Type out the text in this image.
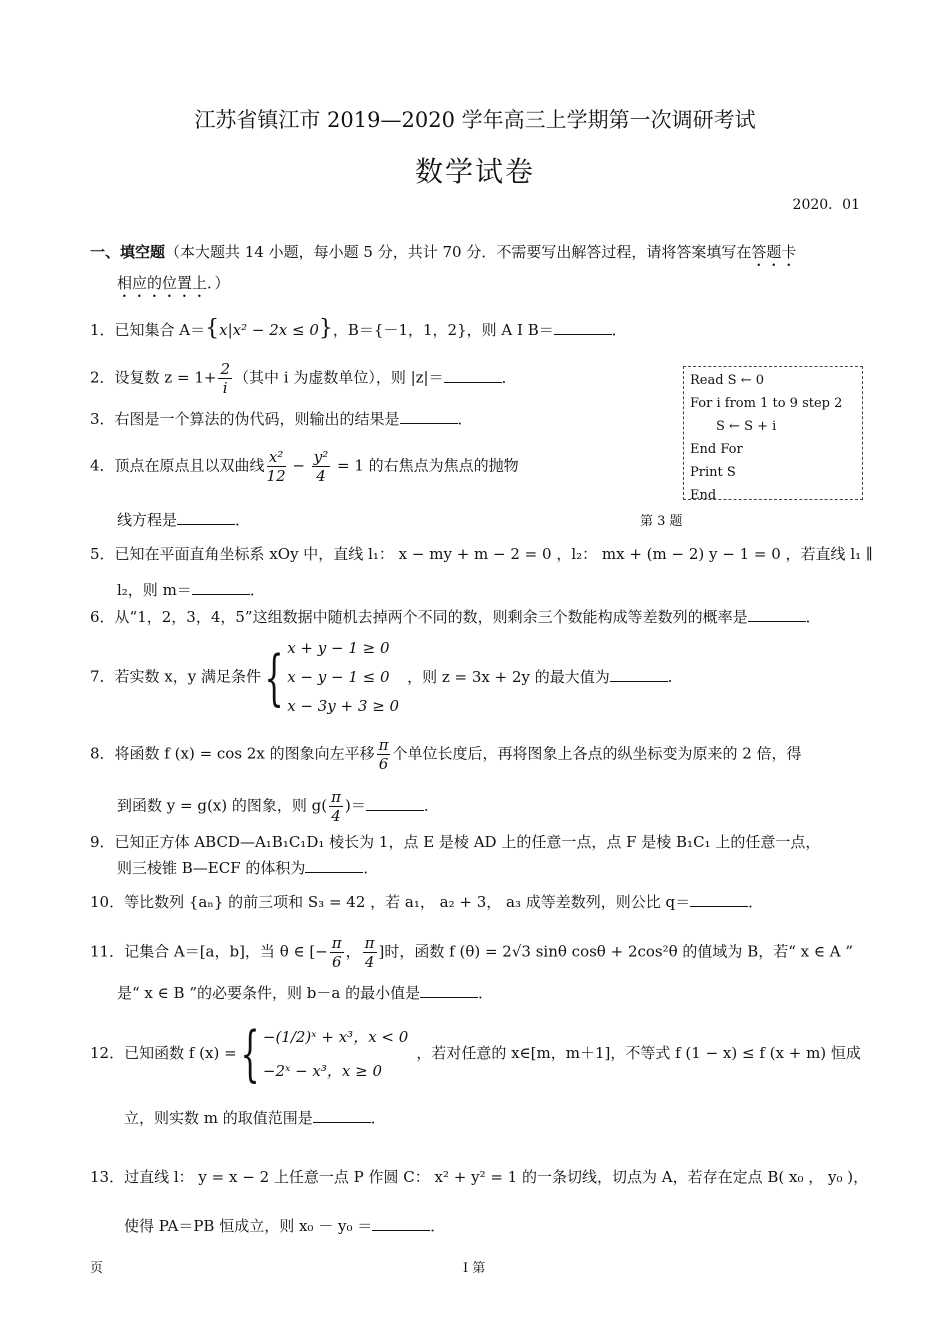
江苏省镇江市 2019—2020 学年高三上学期第一次调研考试
数学试卷
2020．01
一、填空题（本大题共 14 小题，每小题 5 分，共计 70 分．不需要写出解答过程，请将答案填写在答题卡
相应的位置上．）
1．已知集合 A＝{x|x² − 2x ≤ 0}，B＝{－1，1，2}，则 A I B＝	．
2．设复数 $z = 1+ \frac{2}{i}$ （其中 i 为虚数单位），则 |z|＝	．
3．右图是一个算法的伪代码，则输出的结果是	．
Read S ← 0
For i from 1 to 9 step 2
S ← S + i
End For
Print S
End
第 3 题
4．顶点在原点且以双曲线 $\frac{\text{x²}}{12} - \frac{\text{y²}}{4} = 1$ 的右焦点为焦点的抛物
线方程是	．
5．已知在平面直角坐标系 xOy 中，直线 l₁： x − my + m − 2 = 0 ，l₂： mx + (m − 2) y − 1 = 0 ，若直线 l₁ ∥
l₂，则 m＝	．
6．从“1，2，3，4，5”这组数据中随机去掉两个不同的数，则剩余三个数能构成等差数列的概率是	．
7．若实数 x，y 满足条件{ x + y − 1 ≥ 0
x − y − 1 ≤ 0
x − 3y + 3 ≥ 0
，则 z = 3x + 2y 的最大值为	．
8．将函数 f (x) = cos 2x 的图象向左平移 $\frac{\pi}{6}$ 个单位长度后，再将图象上各点的纵坐标变为原来的 2 倍，得
到函数 y = g(x) 的图象，则 $g( \frac{\pi}{4}$ )＝	．
9．已知正方体 ABCD—A₁B₁C₁D₁ 棱长为 1，点 E 是棱 AD 上的任意一点，点 F 是棱 B₁C₁ 上的任意一点，
则三棱锥 B—ECF 的体积为	．
10．等比数列 {aₙ} 的前三项和 S₃ = 42 ，若 a₁， a₂ + 3， a₃ 成等差数列，则公比 q＝	．
11．记集合 A＝[a，b]，当 θ ∈ [− $\frac{\pi}{6}$ ， $\frac{\pi}{4}$ ]时，函数 f (θ) = 2√3 sinθ cosθ + 2cos²θ 的值域为 B，若“ x ∈ A ”
是“ x ∈ B ”的必要条件，则 b－a 的最小值是	．
12．已知函数 f (x) ={ −(1/2)ˣ + x³，x < 0
−2ˣ − x³，x ≥ 0
，若对任意的 x∈[m，m＋1]，不等式 f (1 − x) ≤ f (x + m) 恒成
立，则实数 m 的取值范围是	．
13．过直线 l： y = x − 2 上任意一点 P 作圆 C： x² + y² = 1 的一条切线，切点为 A，若存在定点 B( x₀ ， y₀ )，
使得 PA＝PB 恒成立，则 x₀ － y₀ ＝	．
页	I 第
